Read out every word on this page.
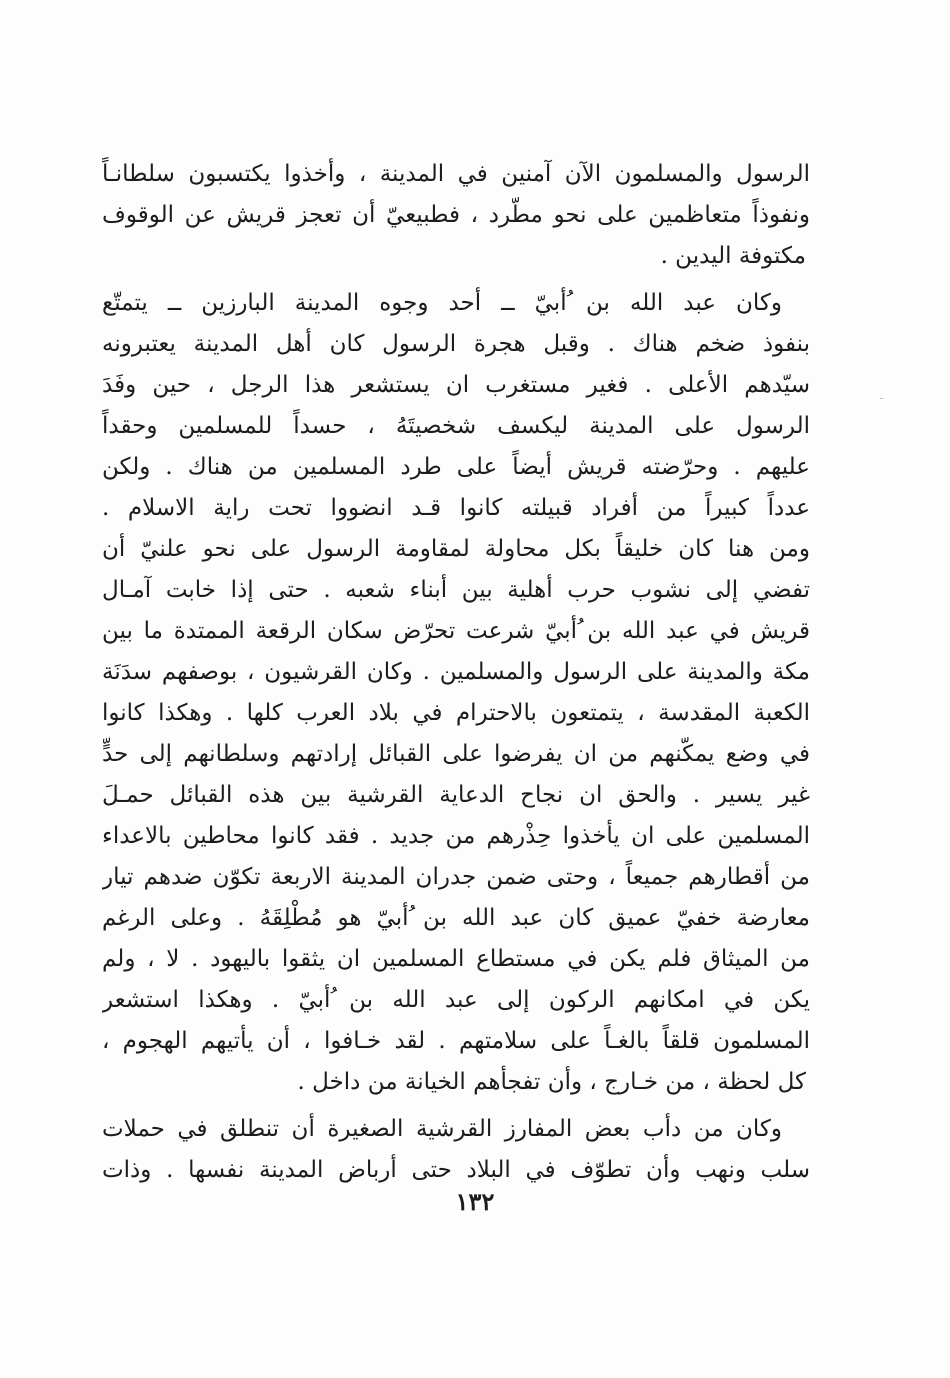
الرسول والمسلمون الآن آمنين في المدينة ، وأخذوا يكتسبون سلطانـاً
ونفوذاً متعاظمين على نحو مطّرد ، فطبيعيّ أن تعجز قريش عن الوقوف
مكتوفة اليدين .
وكان عبد الله بن ُأبيّ ــ أحد وجوه المدينة البارزين ــ يتمتّع
بنفوذ ضخم هناك . وقبل هجرة الرسول كان أهل المدينة يعتبرونه
سيّدهم الأعلى . فغير مستغرب ان يستشعر هذا الرجل ، حين وفَدَ
الرسول على المدينة ليكسف شخصيتَهُ ، حسداً للمسلمين وحقداً
عليهم . وحرّضته قريش أيضاً على طرد المسلمين من هناك . ولكن
عدداً كبيراً من أفراد قبيلته كانوا قـد انضووا تحت راية الاسلام .
ومن هنا كان خليقاً بكل محاولة لمقاومة الرسول على نحو علنيّ أن
تفضي إلى نشوب حرب أهلية بين أبناء شعبه . حتى إذا خابت آمـال
قريش في عبد الله بن ُأبيّ شرعت تحرّض سكان الرقعة الممتدة ما بين
مكة والمدينة على الرسول والمسلمين . وكان القرشيون ، بوصفهم سدَنَة
الكعبة المقدسة ، يتمتعون بالاحترام في بلاد العرب كلها . وهكذا كانوا
في وضع يمكّنهم من ان يفرضوا على القبائل إرادتهم وسلطانهم إلى حدٍّ
غير يسير . والحق ان نجاح الدعاية القرشية بين هذه القبائل حمـلَ
المسلمين على ان يأخذوا حِذْرهم من جديد . فقد كانوا محاطين بالاعداء
من أقطارهم جميعاً ، وحتى ضمن جدران المدينة الاربعة تكوّن ضدهم تيار
معارضة خفيّ عميق كان عبد الله بن ُأبيّ هو مُطْلِقَهُ . وعلى الرغم
من الميثاق فلم يكن في مستطاع المسلمين ان يثقوا باليهود . لا ، ولم
يكن في امكانهم الركون إلى عبد الله بن ُأبيّ . وهكذا استشعر
المسلمون قلقاً بالغـاً على سلامتهم . لقد خـافوا ، أن يأتيهم الهجوم ،
كل لحظة ، من خـارج ، وأن تفجأهم الخيانة من داخل .
وكان من دأب بعض المفارز القرشية الصغيرة أن تنطلق في حملات
سلب ونهب وأن تطوّف في البلاد حتى أرباض المدينة نفسها . وذات
١٣٢
